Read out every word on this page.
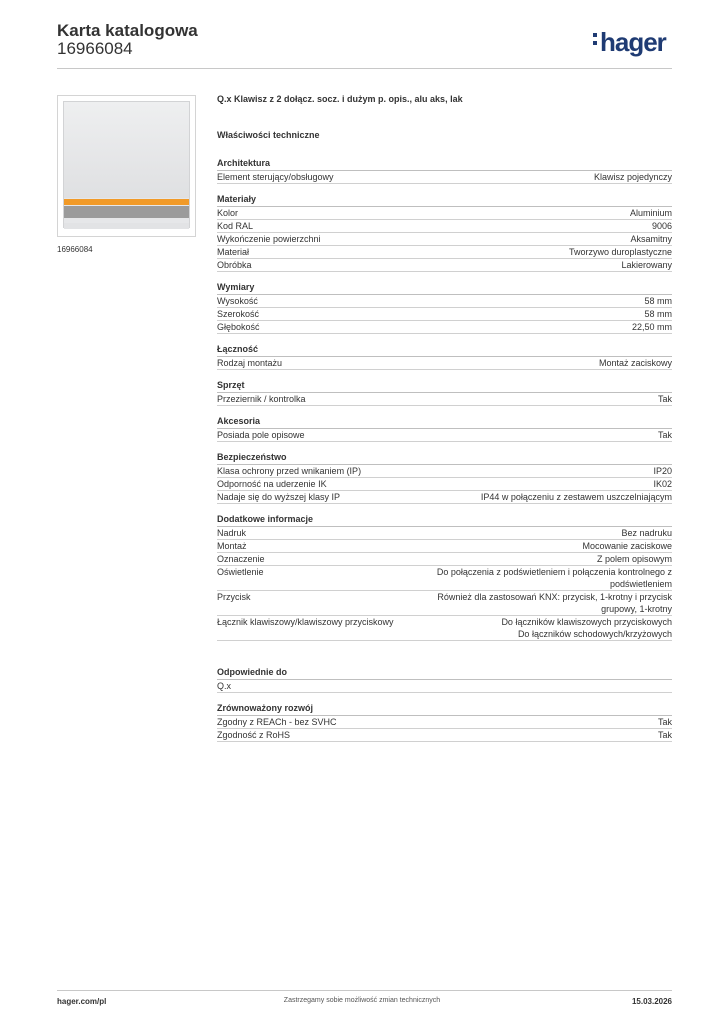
Karta katalogowa
16966084	hager
16966084
Q.x Klawisz z 2 dołącz. socz. i dużym p. opis., alu aks, lak
Właściwości techniczne
Architektura
Element sterujący/obsługowy	Klawisz pojedynczy
Materiały
Kolor	Aluminium
Kod RAL	9006
Wykończenie powierzchni	Aksamitny
Materiał	Tworzywo duroplastyczne
Obróbka	Lakierowany
Wymiary
Wysokość	58 mm
Szerokość	58 mm
Głębokość	22,50 mm
Łączność
Rodzaj montażu	Montaż zaciskowy
Sprzęt
Przeziernik / kontrolka	Tak
Akcesoria
Posiada pole opisowe	Tak
Bezpieczeństwo
Klasa ochrony przed wnikaniem (IP)	IP20
Odporność na uderzenie IK	IK02
Nadaje się do wyższej klasy IP	IP44 w połączeniu z zestawem uszczelniającym
Dodatkowe informacje
Nadruk	Bez nadruku
Montaż	Mocowanie zaciskowe
Oznaczenie	Z polem opisowym
Oświetlenie	Do połączenia z podświetleniem i połączenia kontrolnego z
podświetleniem
Przycisk	Również dla zastosowań KNX: przycisk, 1-krotny i przycisk
grupowy, 1-krotny
Łącznik klawiszowy/klawiszowy przyciskowy	Do łączników klawiszowych przyciskowych
Do łączników schodowych/krzyżowych
Odpowiednie do
Q.x
Zrównoważony rozwój
Zgodny z REACh - bez SVHC	Tak
Zgodność z RoHS	Tak
hager.com/pl	Zastrzegamy sobie możliwość zmian technicznych	15.03.2026
